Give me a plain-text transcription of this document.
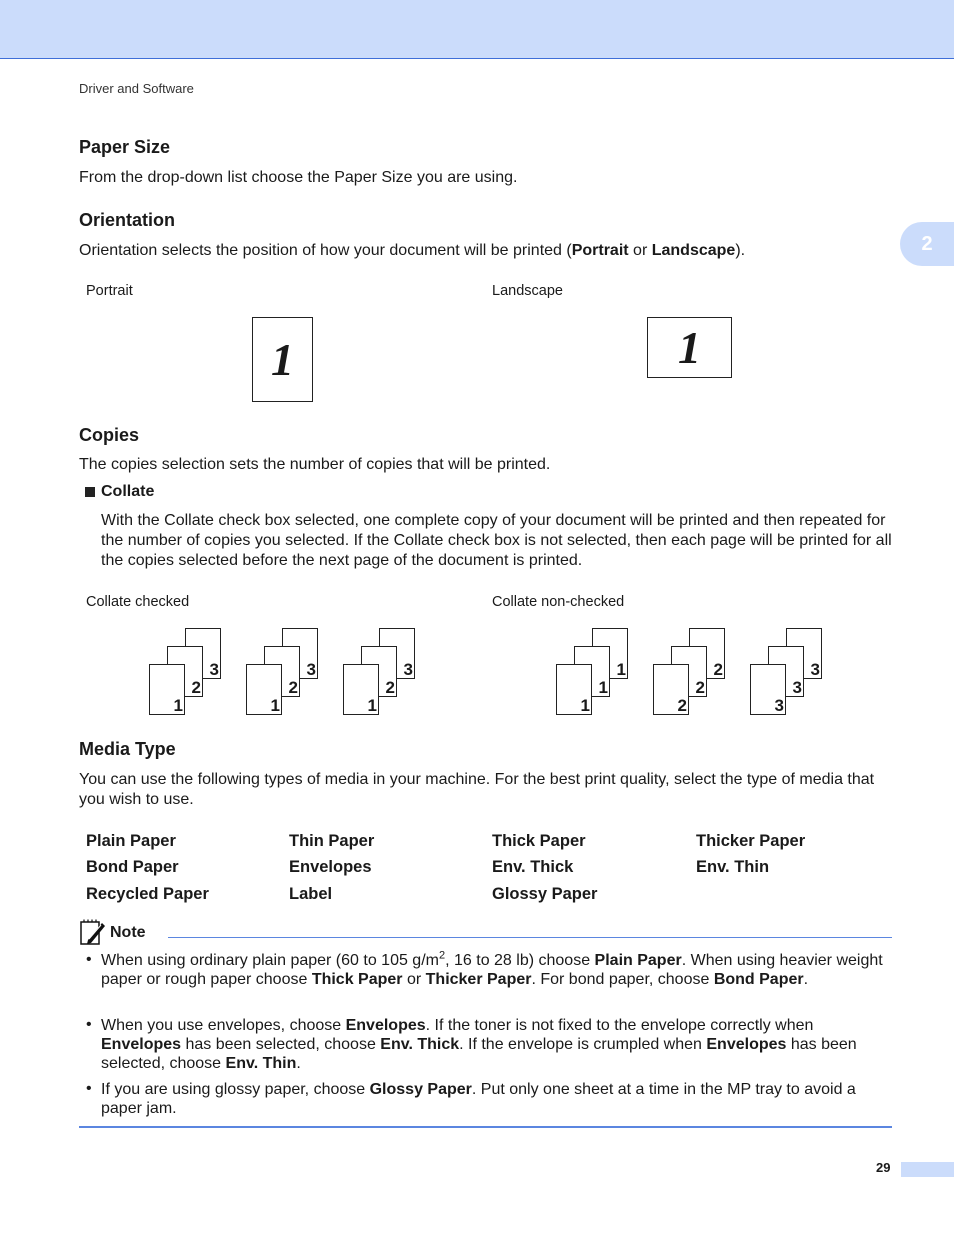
Driver and Software
2
Paper Size

From the drop-down list choose the Paper Size you are using.

Orientation

Orientation selects the position of how your document will be printed (Portrait or Landscape).

Portrait	Landscape
1	1
Copies

The copies selection sets the number of copies that will be printed.

Collate

With the Collate check box selected, one complete copy of your document will be printed and then repeated for the number of copies you selected. If the Collate check box is not selected, then each page will be printed for all the copies selected before the next page of the document is printed.

Collate checked	Collate non-checked
3
2
1
3
2
1
3
2
1
1
1
1
2
2
2
3
3
3
Media Type

You can use the following types of media in your machine. For the best print quality, select the type of media that you wish to use.

Plain Paper	Thin Paper	Thick Paper	Thicker Paper
Bond Paper	Envelopes	Env. Thick	Env. Thin
Recycled Paper	Label	Glossy Paper
Note
• When using ordinary plain paper (60 to 105 $g/m^2$, 16 to 28 lb) choose Plain Paper. When using heavier weight paper or rough paper choose Thick Paper or Thicker Paper. For bond paper, choose Bond Paper.
• When you use envelopes, choose Envelopes. If the toner is not fixed to the envelope correctly when Envelopes has been selected, choose Env. Thick. If the envelope is crumpled when Envelopes has been selected, choose Env. Thin.
• If you are using glossy paper, choose Glossy Paper. Put only one sheet at a time in the MP tray to avoid a paper jam.
29
